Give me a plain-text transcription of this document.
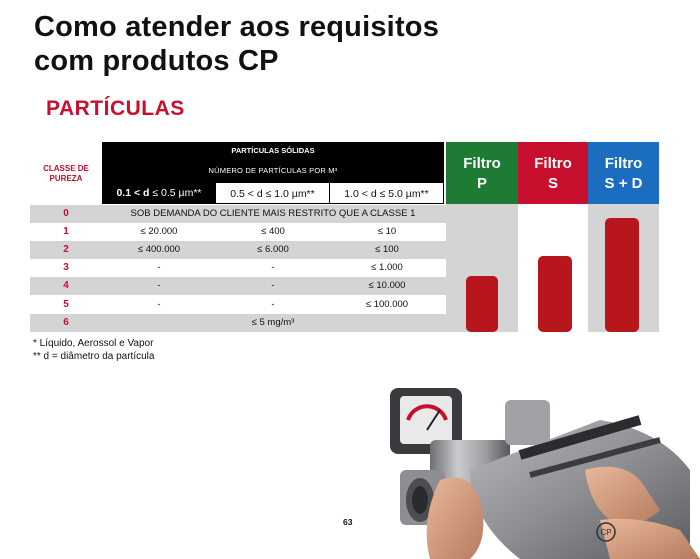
Como atender aos requisitos
com produtos CP
PARTÍCULAS
CLASSE DE
PUREZA
PARTÍCULAS SÓLIDAS
NÚMERO DE PARTÍCULAS POR M³
0.1 < d ≤ 0.5 µm**	0.5 < d ≤ 1.0 µm**	1.0 < d ≤ 5.0 µm**
Filtro
P
Filtro
S
Filtro
S + D
0	SOB DEMANDA DO CLIENTE MAIS RESTRITO QUE A CLASSE 1
1	≤ 20.000	≤ 400	≤ 10
2	≤ 400.000	≤ 6.000	≤ 100
3	-	-	≤ 1.000
4	-	-	≤ 10.000
5	-	-	≤ 100.000
6	≤ 5 mg/m³
* Líquido, Aerossol e Vapor
** d = diâmetro da partícula
CP
63
